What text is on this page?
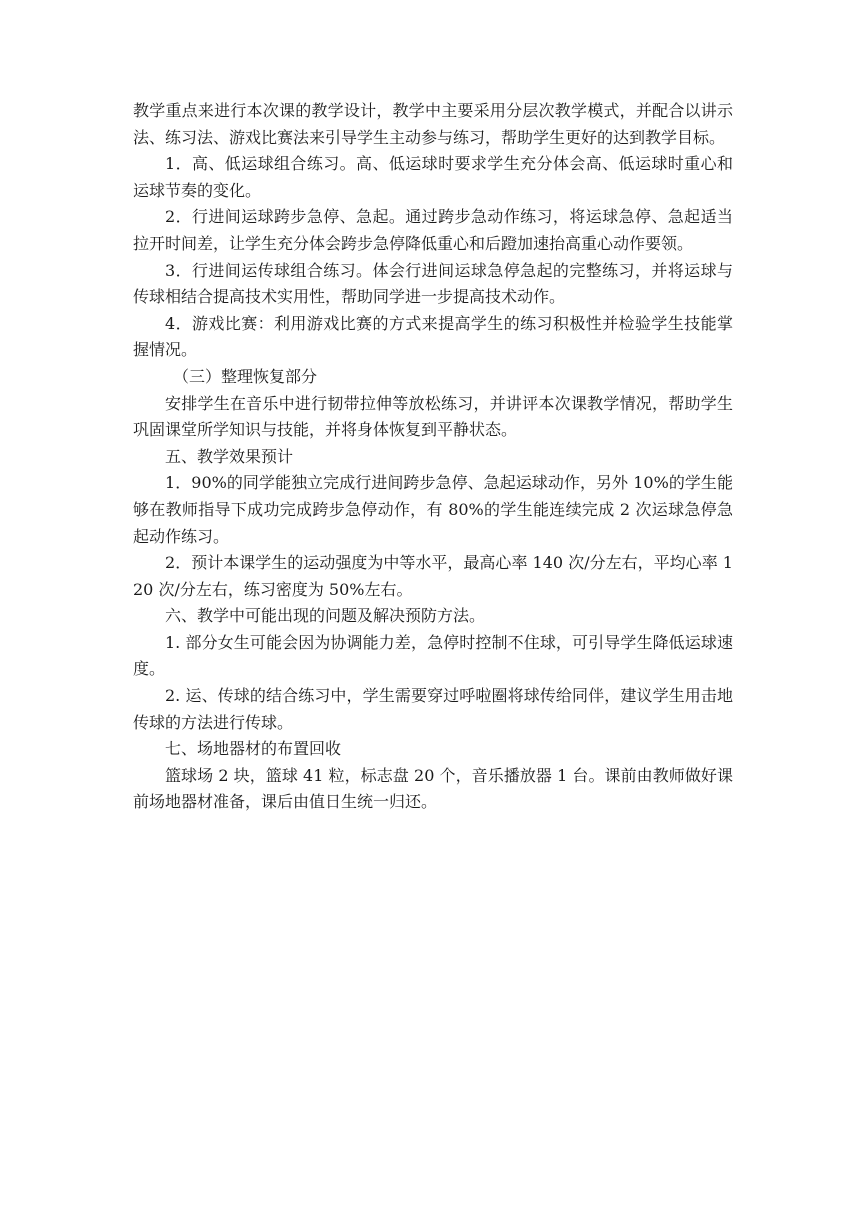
教学重点来进行本次课的教学设计，教学中主要采用分层次教学模式，并配合以讲示法、练习法、游戏比赛法来引导学生主动参与练习，帮助学生更好的达到教学目标。

1．高、低运球组合练习。高、低运球时要求学生充分体会高、低运球时重心和运球节奏的变化。

2．行进间运球跨步急停、急起。通过跨步急动作练习，将运球急停、急起适当拉开时间差，让学生充分体会跨步急停降低重心和后蹬加速抬高重心动作要领。

3．行进间运传球组合练习。体会行进间运球急停急起的完整练习，并将运球与传球相结合提高技术实用性，帮助同学进一步提高技术动作。

4．游戏比赛：利用游戏比赛的方式来提高学生的练习积极性并检验学生技能掌握情况。

（三）整理恢复部分

安排学生在音乐中进行韧带拉伸等放松练习，并讲评本次课教学情况，帮助学生巩固课堂所学知识与技能，并将身体恢复到平静状态。

五、教学效果预计

1．90%的同学能独立完成行进间跨步急停、急起运球动作，另外 10%的学生能够在教师指导下成功完成跨步急停动作，有 80%的学生能连续完成 2 次运球急停急起动作练习。

2．预计本课学生的运动强度为中等水平，最高心率 140 次/分左右，平均心率 120 次/分左右，练习密度为 50%左右。

六、教学中可能出现的问题及解决预防方法。

1. 部分女生可能会因为协调能力差，急停时控制不住球，可引导学生降低运球速度。

2. 运、传球的结合练习中，学生需要穿过呼啦圈将球传给同伴，建议学生用击地传球的方法进行传球。

七、场地器材的布置回收

篮球场 2 块，篮球 41 粒，标志盘 20 个，音乐播放器 1 台。课前由教师做好课前场地器材准备，课后由值日生统一归还。
